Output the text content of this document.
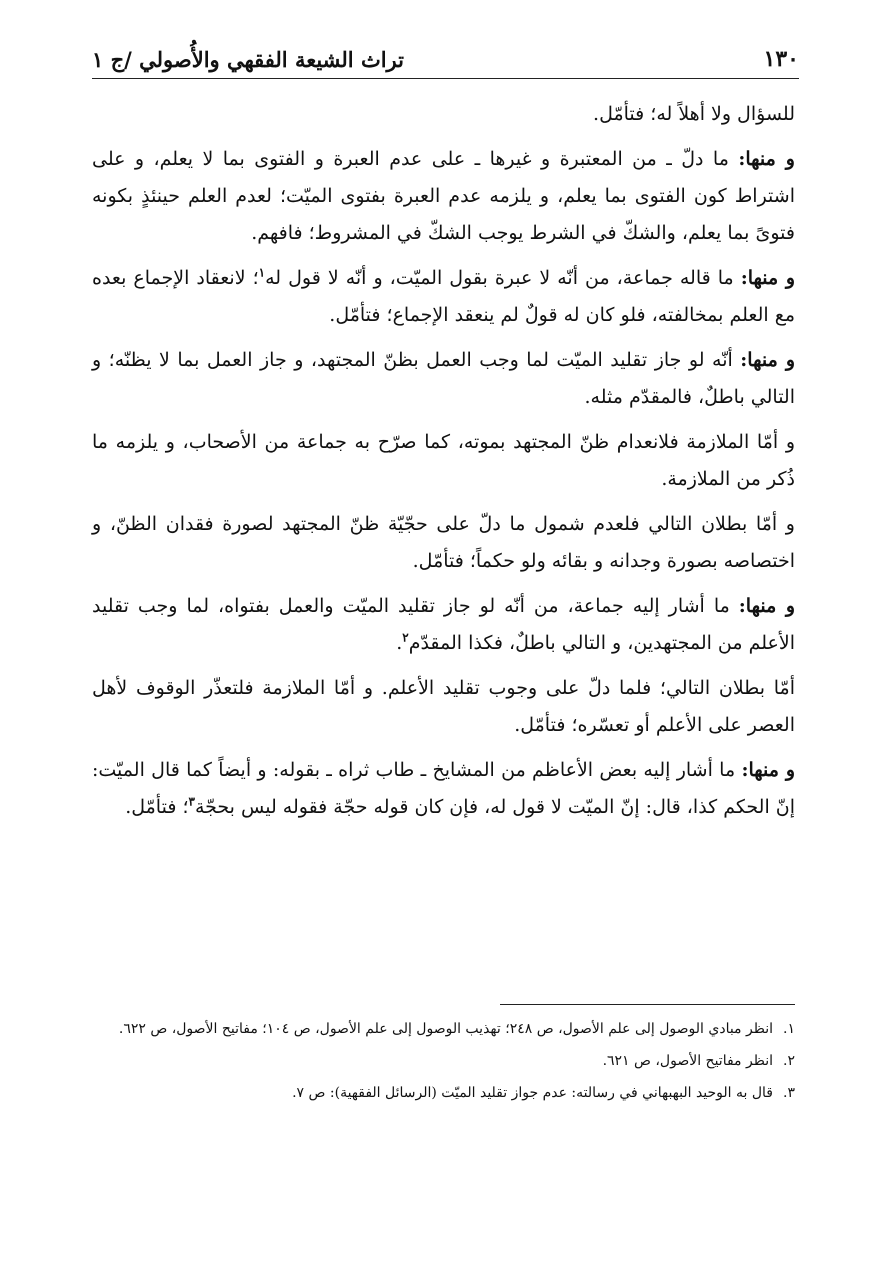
١٣٠
تراث الشيعة الفقهي والأُصولي /ج ١

للسؤال ولا أهلاً له؛ فتأمّل.

و منها: ما دلّ ـ من المعتبرة و غيرها ـ على عدم العبرة و الفتوى بما لا يعلم، و على اشتراط كون الفتوى بما يعلم، و يلزمه عدم العبرة بفتوى الميّت؛ لعدم العلم حينئذٍ بكونه فتوىً بما يعلم، والشكّ في الشرط يوجب الشكّ في المشروط؛ فافهم.

و منها: ما قاله جماعة، من أنّه لا عبرة بقول الميّت، و أنّه لا قول له$^١$؛ لانعقاد الإجماع بعده مع العلم بمخالفته، فلو كان له قولٌ لم ينعقد الإجماع؛ فتأمّل.

و منها: أنّه لو جاز تقليد الميّت لما وجب العمل بظنّ المجتهد، و جاز العمل بما لا يظنّه؛ و التالي باطلٌ، فالمقدّم مثله.

و أمّا الملازمة فلانعدام ظنّ المجتهد بموته، كما صرّح به جماعة من الأصحاب، و يلزمه ما ذُكر من الملازمة.

و أمّا بطلان التالي فلعدم شمول ما دلّ على حجّيّة ظنّ المجتهد لصورة فقدان الظنّ، و اختصاصه بصورة وجدانه و بقائه ولو حكماً؛ فتأمّل.

و منها: ما أشار إليه جماعة، من أنّه لو جاز تقليد الميّت والعمل بفتواه، لما وجب تقليد الأعلم من المجتهدين، و التالي باطلٌ، فكذا المقدّم$^٢$.

أمّا بطلان التالي؛ فلما دلّ على وجوب تقليد الأعلم. و أمّا الملازمة فلتعذّر الوقوف لأهل العصر على الأعلم أو تعسّره؛ فتأمّل.

و منها: ما أشار إليه بعض الأعاظم من المشايخ ـ طاب ثراه ـ بقوله: و أيضاً كما قال الميّت: إنّ الحكم كذا، قال: إنّ الميّت لا قول له، فإن كان قوله حجّة فقوله ليس بحجّة$^٣$؛ فتأمّل.

١.انظر مبادي الوصول إلى علم الأصول، ص ٢٤٨؛ تهذيب الوصول إلى علم الأصول، ص ١٠٤؛ مفاتيح الأصول، ص ٦٢٢.

٢.انظر مفاتيح الأصول، ص ٦٢١.

٣.قال به الوحيد البهبهاني في رسالته: عدم جواز تقليد الميّت (الرسائل الفقهية): ص ٧.
